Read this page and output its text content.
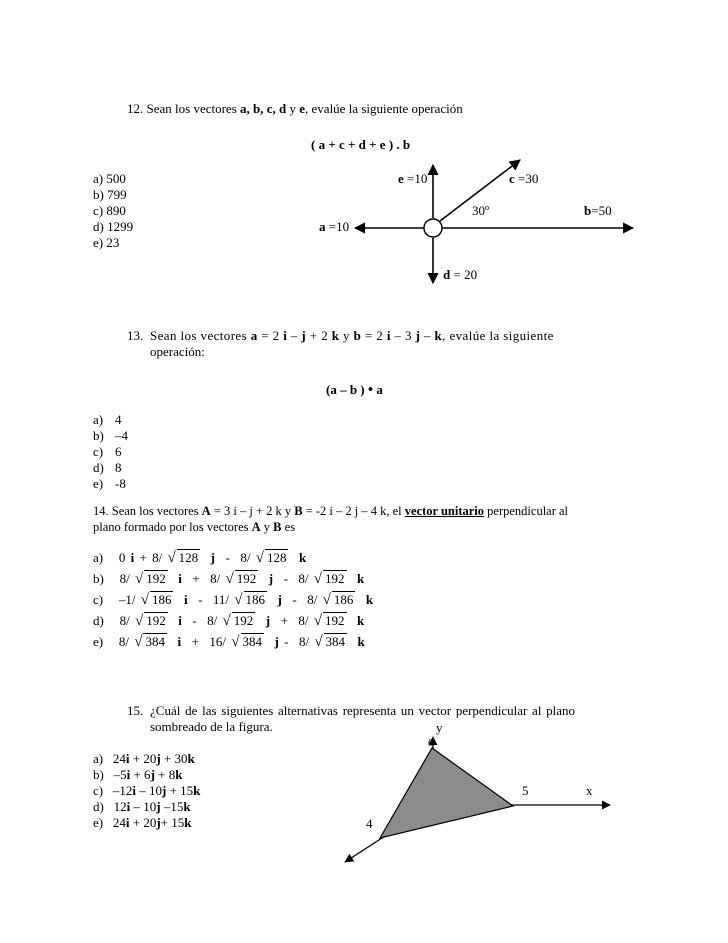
12. Sean los vectores a, b, c, d y e, evalúe la siguiente operación
( a + c + d + e ) . b
a) 500
b) 799
c) 890
d) 1299
e) 23
e =10	c =30
30º	b=50
a =10
d = 20
13. Sean los vectores a = 2 i – j + 2 k y b = 2 i – 3 j – k, evalúe la siguiente
operación:
(a – b ) • a
a) 4
b) –4
c) 6
d) 8
e) -8
14. Sean los vectores A = 3 i – j + 2 k y B = -2 i – 2 j – 4 k, el vector unitario perpendicular al
plano formado por los vectores A y B es
a)   0 i + 8/ √ 128 j  -  8/ √ 128 k
b)   8/ √ 192 i  +  8/ √ 192 j  -  8/ √ 192 k
c)   –1/ √ 186 i  -  11/ √ 186 j  -  8/ √ 186 k
d)   8/ √ 192 i  -  8/ √ 192 j  +  8/ √ 192 k
e)   8/ √ 384 i  +  16/ √ 384 j -  8/ √ 384 k
15. ¿Cuál de las siguientes alternativas representa un vector perpendicular al plano
sombreado de la figura.
a)   24i + 20j + 30k
b)   –5i + 6j + 8k
c)   –12i – 10j + 15k
d)   12i – 10j –15k
e)   24i + 20j+ 15k
y
6
5	x
4
